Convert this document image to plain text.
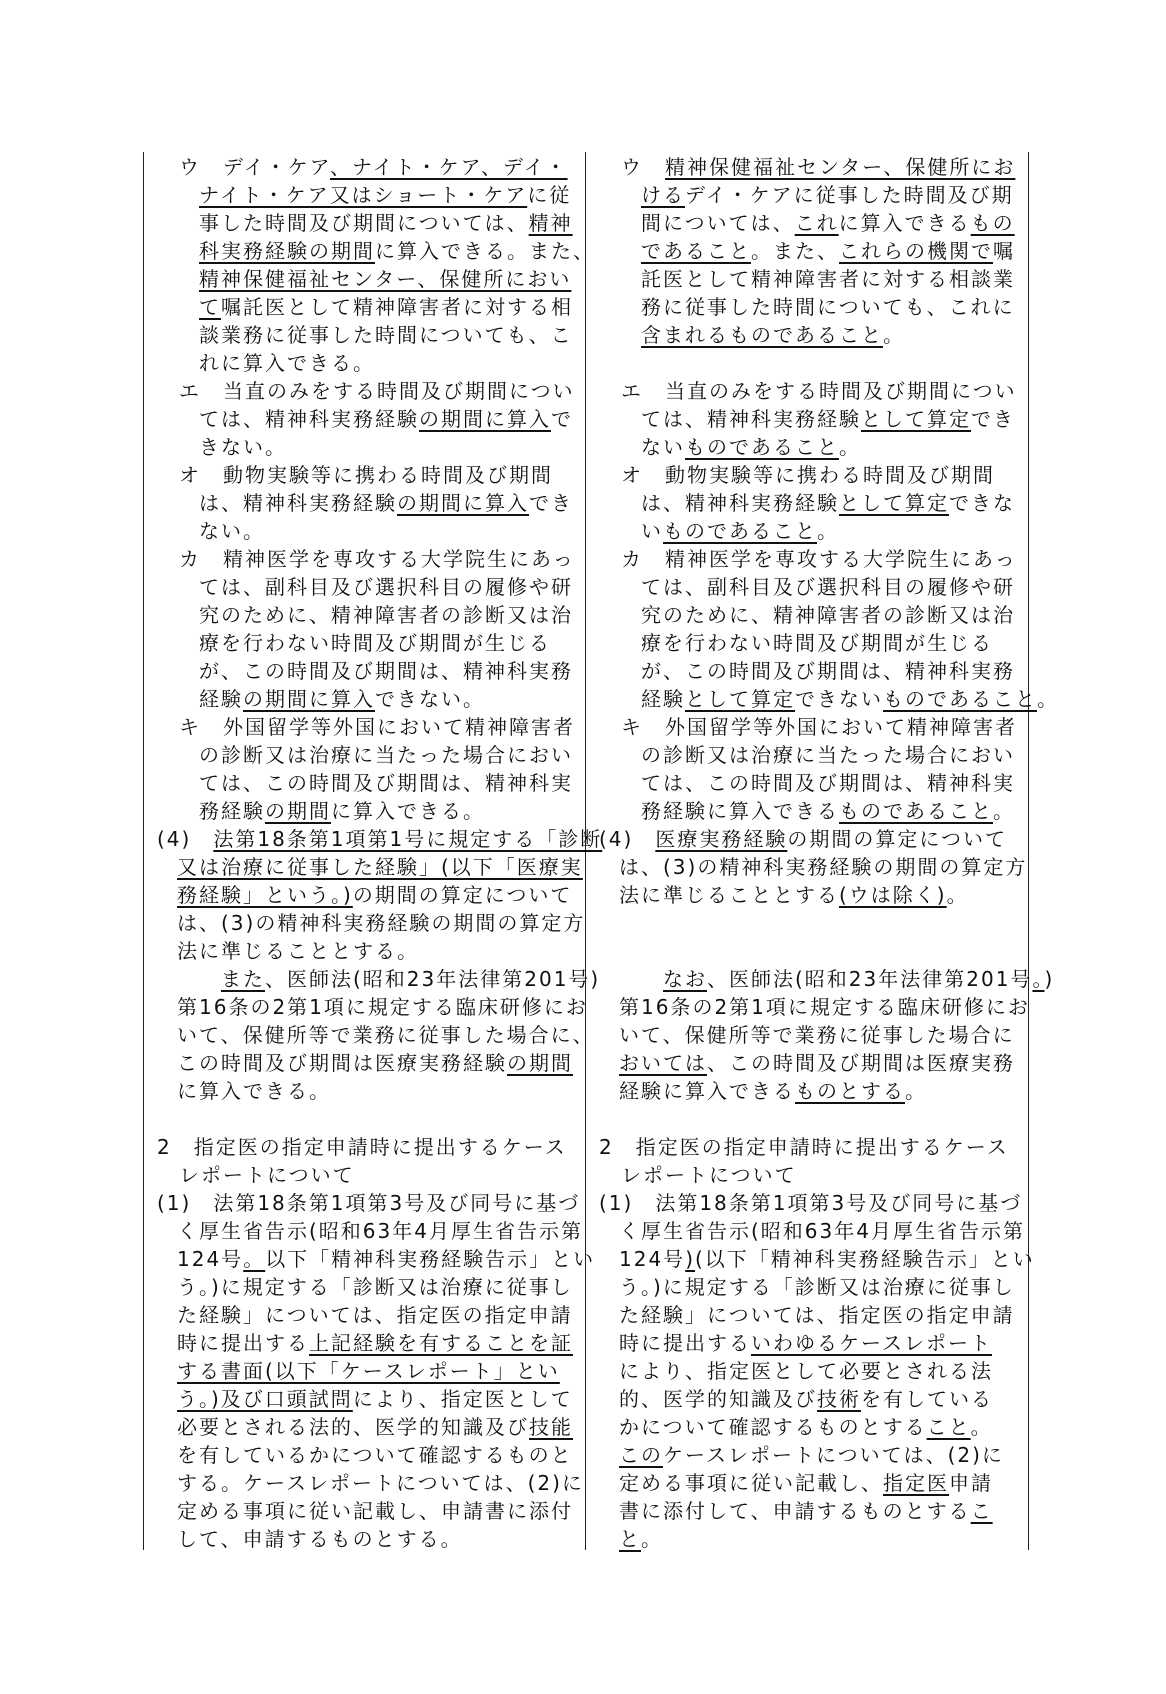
ウ　デイ・ケア、ナイト・ケア、デイ・
ナイト・ケア又はショート・ケアに従
事した時間及び期間については、精神
科実務経験の期間に算入できる。また、
精神保健福祉センター、保健所におい
て嘱託医として精神障害者に対する相
談業務に従事した時間についても、こ
れに算入できる。
エ　当直のみをする時間及び期間につい
ては、精神科実務経験の期間に算入で
きない。
オ　動物実験等に携わる時間及び期間
は、精神科実務経験の期間に算入でき
ない。
カ　精神医学を専攻する大学院生にあっ
ては、副科目及び選択科目の履修や研
究のために、精神障害者の診断又は治
療を行わない時間及び期間が生じる
が、この時間及び期間は、精神科実務
経験の期間に算入できない。
キ　外国留学等外国において精神障害者
の診断又は治療に当たった場合におい
ては、この時間及び期間は、精神科実
務経験の期間に算入できる。
(4)　法第18条第1項第1号に規定する「診断
又は治療に従事した経験」(以下「医療実
務経験」という。)の期間の算定について
は、(3)の精神科実務経験の期間の算定方
法に準じることとする。
　　また、医師法(昭和23年法律第201号)
第16条の2第1項に規定する臨床研修にお
いて、保健所等で業務に従事した場合に、
この時間及び期間は医療実務経験の期間
に算入できる。
2　指定医の指定申請時に提出するケース
　レポートについて
(1)　法第18条第1項第3号及び同号に基づ
く厚生省告示(昭和63年4月厚生省告示第
124号。以下「精神科実務経験告示」とい
う。)に規定する「診断又は治療に従事し
た経験」については、指定医の指定申請
時に提出する上記経験を有することを証
する書面(以下「ケースレポート」とい
う。)及び口頭試問により、指定医として
必要とされる法的、医学的知識及び技能
を有しているかについて確認するものと
する。ケースレポートについては、(2)に
定める事項に従い記載し、申請書に添付
して、申請するものとする。
ウ　精神保健福祉センター、保健所にお
けるデイ・ケアに従事した時間及び期
間については、これに算入できるもの
であること。また、これらの機関で嘱
託医として精神障害者に対する相談業
務に従事した時間についても、これに
含まれるものであること。
エ　当直のみをする時間及び期間につい
ては、精神科実務経験として算定でき
ないものであること。
オ　動物実験等に携わる時間及び期間
は、精神科実務経験として算定できな
いものであること。
カ　精神医学を専攻する大学院生にあっ
ては、副科目及び選択科目の履修や研
究のために、精神障害者の診断又は治
療を行わない時間及び期間が生じる
が、この時間及び期間は、精神科実務
経験として算定できないものであること。
キ　外国留学等外国において精神障害者
の診断又は治療に当たった場合におい
ては、この時間及び期間は、精神科実
務経験に算入できるものであること。
(4)　医療実務経験の期間の算定について
は、(3)の精神科実務経験の期間の算定方
法に準じることとする(ウは除く)。
　　なお、医師法(昭和23年法律第201号。)
第16条の2第1項に規定する臨床研修にお
いて、保健所等で業務に従事した場合に
おいては、この時間及び期間は医療実務
経験に算入できるものとする。
2　指定医の指定申請時に提出するケース
　レポートについて
(1)　法第18条第1項第3号及び同号に基づ
く厚生省告示(昭和63年4月厚生省告示第
124号)(以下「精神科実務経験告示」とい
う。)に規定する「診断又は治療に従事し
た経験」については、指定医の指定申請
時に提出するいわゆるケースレポート
により、指定医として必要とされる法
的、医学的知識及び技術を有している
かについて確認するものとすること。
このケースレポートについては、(2)に
定める事項に従い記載し、指定医申請
書に添付して、申請するものとするこ
と。
